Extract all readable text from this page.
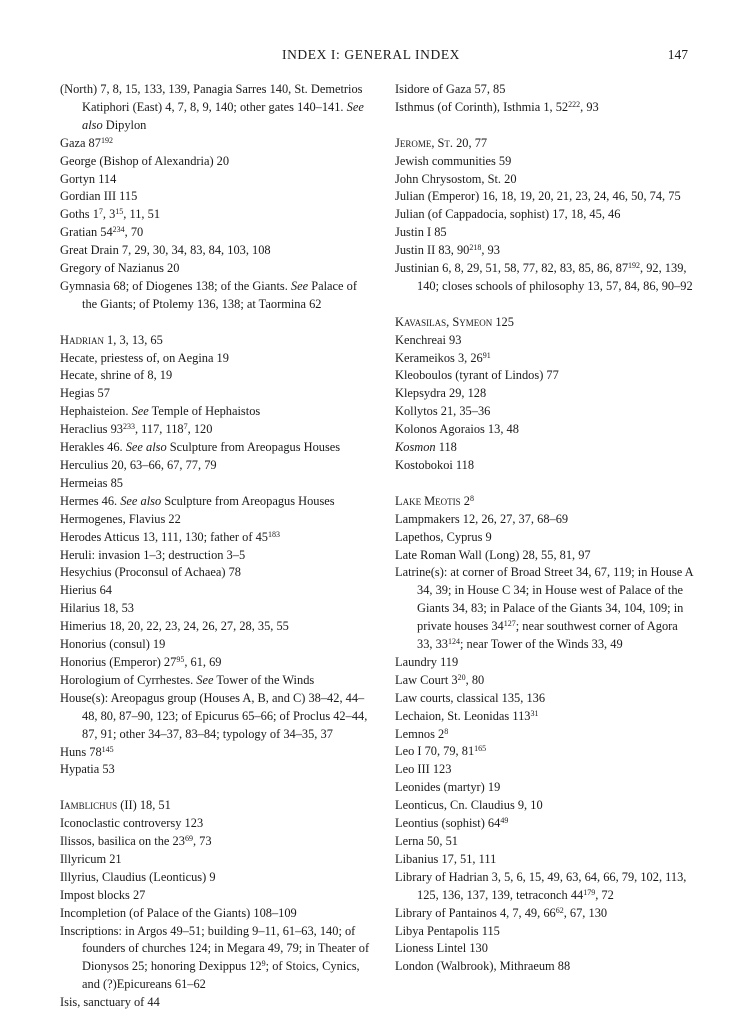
INDEX I: GENERAL INDEX	147
(North) 7, 8, 15, 133, 139, Panagia Sarres 140, St. Demetrios Katiphori (East) 4, 7, 8, 9, 140; other gates 140–141. See also Dipylon
Gaza $87^{192}$
George (Bishop of Alexandria) 20
Gortyn 114
Gordian III 115
Goths $1^7$, $3^{15}$, 11, 51
Gratian $54^{234}$, 70
Great Drain 7, 29, 30, 34, 83, 84, 103, 108
Gregory of Nazianus 20
Gymnasia 68; of Diogenes 138; of the Giants. See Palace of the Giants; of Ptolemy 136, 138; at Taormina 62
Hadrian 1, 3, 13, 65
Hecate, priestess of, on Aegina 19
Hecate, shrine of 8, 19
Hegias 57
Hephaisteion. See Temple of Hephaistos
Heraclius $93^{233}$, 117, $118^7$, 120
Herakles 46. See also Sculpture from Areopagus Houses
Herculius 20, 63–66, 67, 77, 79
Hermeias 85
Hermes 46. See also Sculpture from Areopagus Houses
Hermogenes, Flavius 22
Herodes Atticus 13, 111, 130; father of $45^{183}$
Heruli: invasion 1–3; destruction 3–5
Hesychius (Proconsul of Achaea) 78
Hierius 64
Hilarius 18, 53
Himerius 18, 20, 22, 23, 24, 26, 27, 28, 35, 55
Honorius (consul) 19
Honorius (Emperor) $27^{95}$, 61, 69
Horologium of Cyrrhestes. See Tower of the Winds
House(s): Areopagus group (Houses A, B, and C) 38–42, 44–48, 80, 87–90, 123; of Epicurus 65–66; of Proclus 42–44, 87, 91; other 34–37, 83–84; typology of 34–35, 37
Huns $78^{145}$
Hypatia 53
Iamblichus (II) 18, 51
Iconoclastic controversy 123
Ilissos, basilica on the $23^{69}$, 73
Illyricum 21
Illyrius, Claudius (Leonticus) 9
Impost blocks 27
Incompletion (of Palace of the Giants) 108–109
Inscriptions: in Argos 49–51; building 9–11, 61–63, 140; of founders of churches 124; in Megara 49, 79; in Theater of Dionysos 25; honoring Dexippus $12^9$; of Stoics, Cynics, and (?)Epicureans 61–62
Isis, sanctuary of 44
Isidore of Gaza 57, 85
Isthmus (of Corinth), Isthmia 1, $52^{222}$, 93
Jerome, St. 20, 77
Jewish communities 59
John Chrysostom, St. 20
Julian (Emperor) 16, 18, 19, 20, 21, 23, 24, 46, 50, 74, 75
Julian (of Cappadocia, sophist) 17, 18, 45, 46
Justin I 85
Justin II 83, $90^{218}$, 93
Justinian 6, 8, 29, 51, 58, 77, 82, 83, 85, 86, $87^{192}$, 92, 139, 140; closes schools of philosophy 13, 57, 84, 86, 90–92
Kavasilas, Symeon 125
Kenchreai 93
Kerameikos 3, $26^{91}$
Kleoboulos (tyrant of Lindos) 77
Klepsydra 29, 128
Kollytos 21, 35–36
Kolonos Agoraios 13, 48
Kosmon 118
Kostobokoi 118
Lake Meotis $2^8$
Lampmakers 12, 26, 27, 37, 68–69
Lapethos, Cyprus 9
Late Roman Wall (Long) 28, 55, 81, 97
Latrine(s): at corner of Broad Street 34, 67, 119; in House A 34, 39; in House C 34; in House west of Palace of the Giants 34, 83; in Palace of the Giants 34, 104, 109; in private houses $34^{127}$; near southwest corner of Agora 33, $33^{124}$; near Tower of the Winds 33, 49
Laundry 119
Law Court $3^{20}$, 80
Law courts, classical 135, 136
Lechaion, St. Leonidas $113^{31}$
Lemnos $2^8$
Leo I 70, 79, $81^{165}$
Leo III 123
Leonides (martyr) 19
Leonticus, Cn. Claudius 9, 10
Leontius (sophist) $64^{49}$
Lerna 50, 51
Libanius 17, 51, 111
Library of Hadrian 3, 5, 6, 15, 49, 63, 64, 66, 79, 102, 113, 125, 136, 137, 139, tetraconch $44^{179}$, 72
Library of Pantainos 4, 7, 49, $66^{62}$, 67, 130
Libya Pentapolis 115
Lioness Lintel 130
London (Walbrook), Mithraeum 88
